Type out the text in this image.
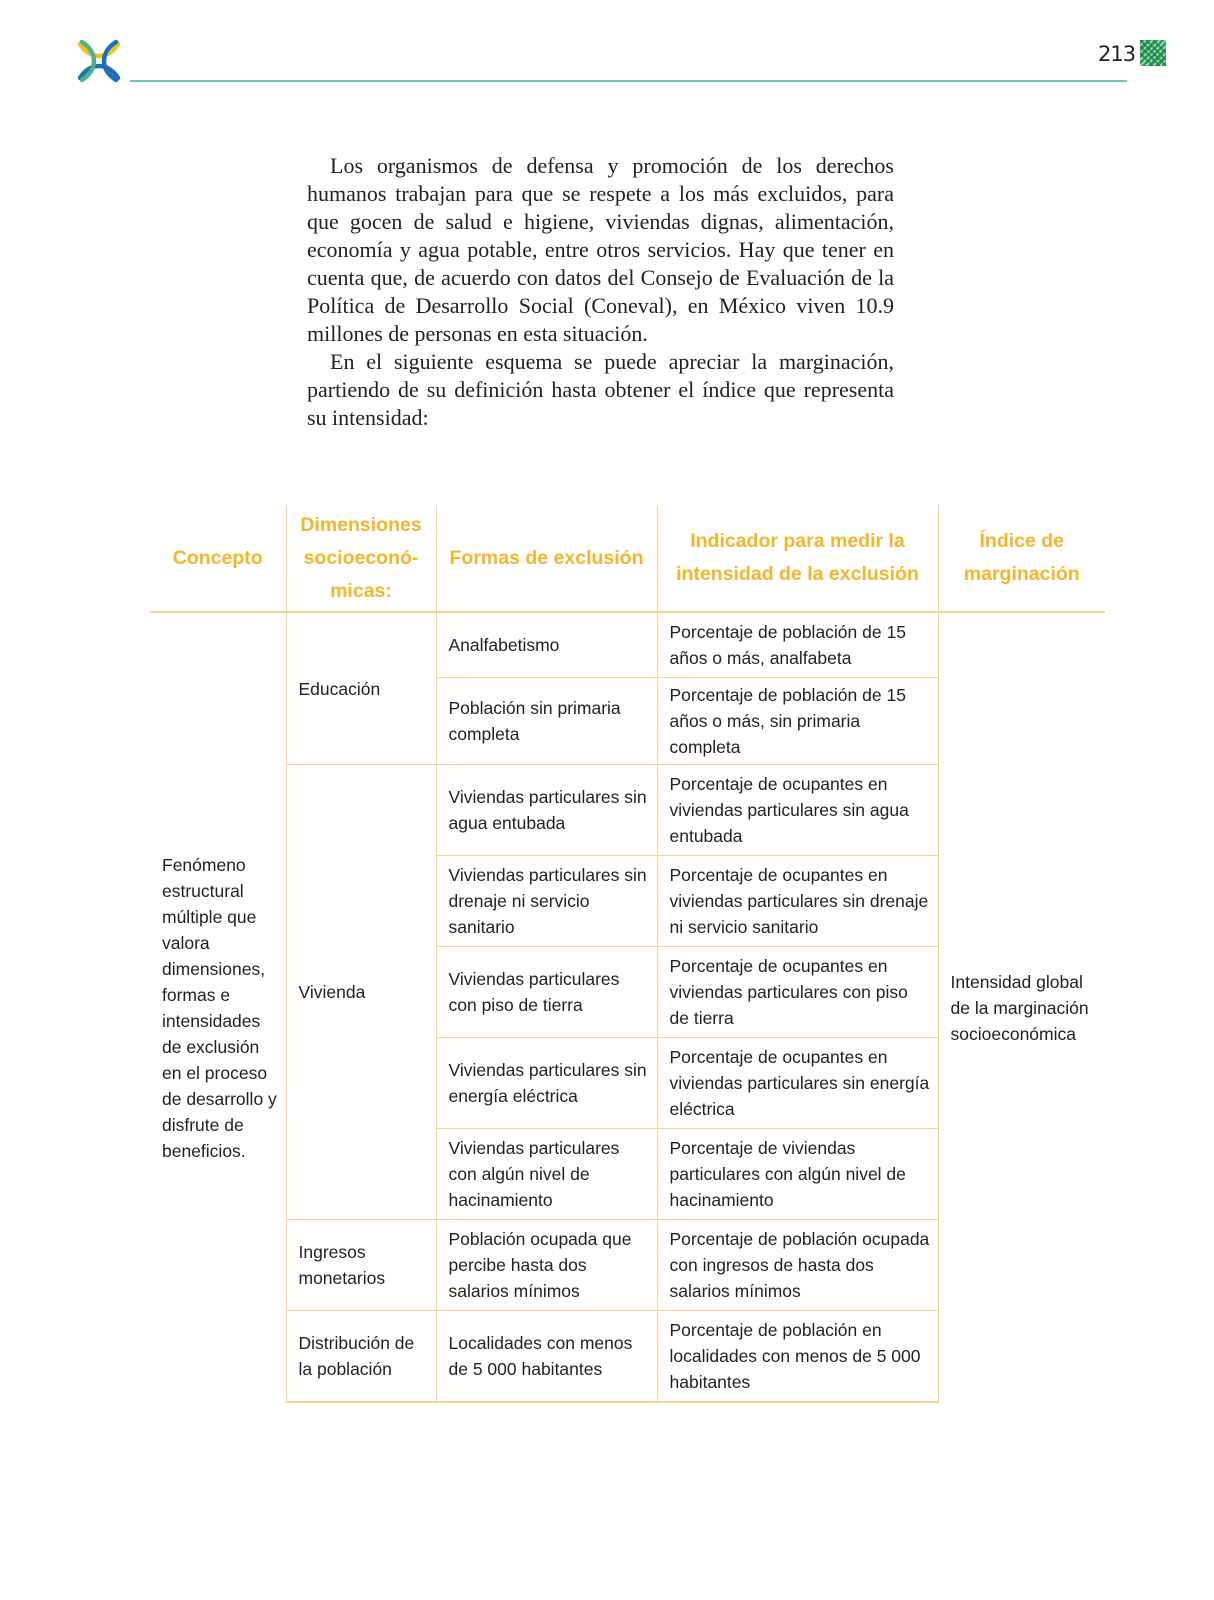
213

Los organismos de defensa y promoción de los derechos humanos trabajan para que se respete a los más excluidos, para que gocen de salud e higiene, viviendas dignas, alimentación, economía y agua potable, entre otros servicios. Hay que tener en cuenta que, de acuerdo con datos del Consejo de Evaluación de la Política de Desarrollo Social (Coneval), en México viven 10.9 millones de personas en esta situación.

En el siguiente esquema se puede apreciar la marginación, partiendo de su definición hasta obtener el índice que representa su intensidad:

Concepto	Dimensiones socioeconó-micas:	Formas de exclusión	Indicador para medir la intensidad de la exclusión	Índice de marginación
Fenómeno estructural múltiple que valora dimensiones, formas e intensidades de exclusión en el proceso de desarrollo y disfrute de beneficios.	Educación	Analfabetismo	Porcentaje de población de 15 años o más, analfabeta	Intensidad global de la marginación socioeconómica
		Población sin primaria completa	Porcentaje de población de 15 años o más, sin primaria completa	
	Vivienda	Viviendas particulares sin agua entubada	Porcentaje de ocupantes en viviendas particulares sin agua entubada	
		Viviendas particulares sin drenaje ni servicio sanitario	Porcentaje de ocupantes en viviendas particulares sin drenaje ni servicio sanitario	
		Viviendas particulares con piso de tierra	Porcentaje de ocupantes en viviendas particulares con piso de tierra	
		Viviendas particulares sin energía eléctrica	Porcentaje de ocupantes en viviendas particulares sin energía eléctrica	
		Viviendas particulares con algún nivel de hacinamiento	Porcentaje de viviendas particulares con algún nivel de hacinamiento	
	Ingresos monetarios	Población ocupada que percibe hasta dos salarios mínimos	Porcentaje de población ocupada con ingresos de hasta dos salarios mínimos	
	Distribución de la población	Localidades con menos de 5 000 habitantes	Porcentaje de población en localidades con menos de 5 000 habitantes	
